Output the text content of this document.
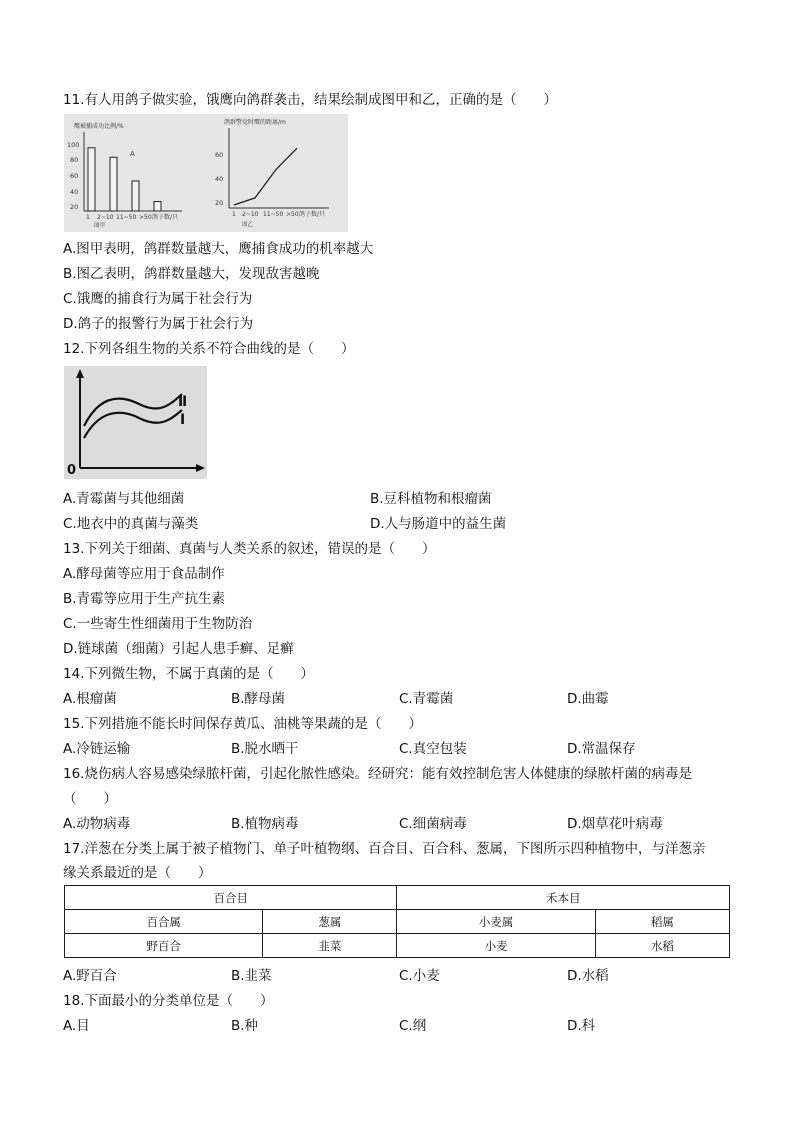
11.有人用鸽子做实验，饿鹰向鸽群袭击，结果绘制成图甲和乙，正确的是（　　）
鹰被捕成功比例/%
100
80
60
40
20
1 2~10 11~50 >50 鸽子数/只
图甲
A
鸽群警觉时鹰的距离/m
60
40
20
1 2~10 11~50 >50 鸽子数/只
图乙
A.图甲表明，鸽群数量越大，鹰捕食成功的机率越大
B.图乙表明，鸽群数量越大，发现敌害越晚
C.饿鹰的捕食行为属于社会行为
D.鸽子的报警行为属于社会行为
12.下列各组生物的关系不符合曲线的是（　　）
Ⅱ
Ⅰ
0
A.青霉菌与其他细菌	B.豆科植物和根瘤菌
C.地衣中的真菌与藻类	D.人与肠道中的益生菌
13.下列关于细菌、真菌与人类关系的叙述，错误的是（　　）
A.酵母菌等应用于食品制作
B.青霉等应用于生产抗生素
C.一些寄生性细菌用于生物防治
D.链球菌（细菌）引起人患手癣、足癣
14.下列微生物，不属于真菌的是（　　）
A.根瘤菌	B.酵母菌	C.青霉菌	D.曲霉
15.下列措施不能长时间保存黄瓜、油桃等果蔬的是（　　）
A.冷链运输	B.脱水晒干	C.真空包装	D.常温保存
16.烧伤病人容易感染绿脓杆菌，引起化脓性感染。经研究：能有效控制危害人体健康的绿脓杆菌的病毒是
（　　）
A.动物病毒	B.植物病毒	C.细菌病毒	D.烟草花叶病毒
17.洋葱在分类上属于被子植物门、单子叶植物纲、百合目、百合科、葱属，下图所示四种植物中，与洋葱亲
缘关系最近的是（　　）
百合目		禾本目	
百合属	葱属	小麦属	稻属
野百合	韭菜	小麦	水稻
A.野百合	B.韭菜	C.小麦	D.水稻
18.下面最小的分类单位是（　　）
A.目	B.种	C.纲	D.科
